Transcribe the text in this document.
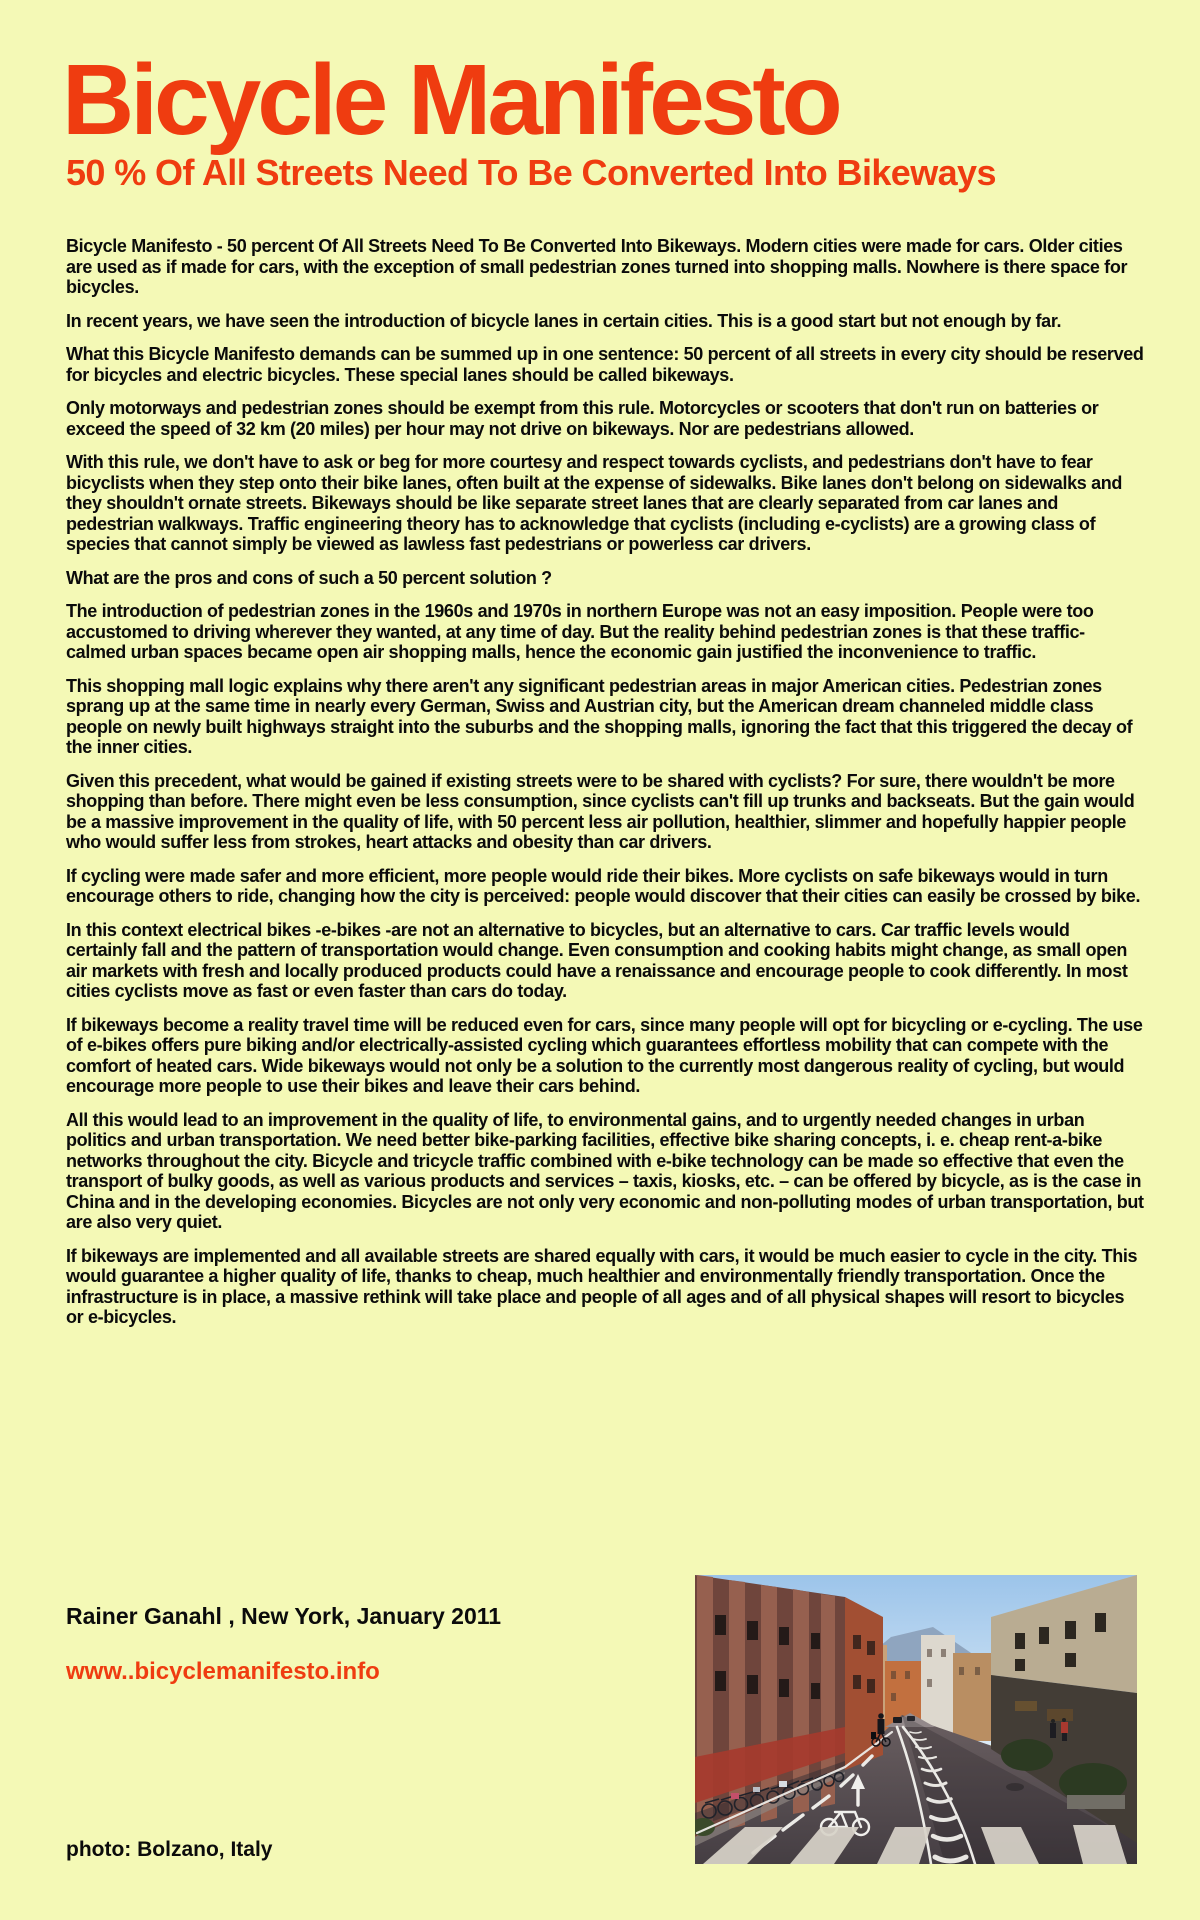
Bicycle Manifesto
50 % Of All Streets Need To Be Converted Into Bikeways

Bicycle Manifesto - 50 percent Of All Streets Need To Be Converted Into Bikeways. Modern cities were made for cars. Older cities are used as if made for cars, with the exception of small pedestrian zones turned into shopping malls. Nowhere is there space for bicycles.

In recent years, we have seen the introduction of bicycle lanes in certain cities. This is a good start but not enough by far.

What this Bicycle Manifesto demands can be summed up in one sentence: 50 percent of all streets in every city should be reserved for bicycles and electric bicycles. These special lanes should be called bikeways.

Only motorways and pedestrian zones should be exempt from this rule. Motorcycles or scooters that don't run on batteries or exceed the speed of 32 km (20 miles) per hour may not drive on bikeways. Nor are pedestrians allowed.

With this rule, we don't have to ask or beg for more courtesy and respect towards cyclists, and pedestrians don't have to fear bicyclists when they step onto their bike lanes, often built at the expense of sidewalks. Bike lanes don't belong on sidewalks and they shouldn't ornate streets. Bikeways should be like separate street lanes that are clearly separated from car lanes and pedestrian walkways. Traffic engineering theory has to acknowledge that cyclists (including e-cyclists) are a growing class of species that cannot simply be viewed as lawless fast pedestrians or powerless car drivers.

What are the pros and cons of such a 50 percent solution ?

The introduction of pedestrian zones in the 1960s and 1970s in northern Europe was not an easy imposition. People were too accustomed to driving wherever they wanted, at any time of day. But the reality behind pedestrian zones is that these traffic-calmed urban spaces became open air shopping malls, hence the economic gain justified the inconvenience to traffic.

This shopping mall logic explains why there aren't any significant pedestrian areas in major American cities. Pedestrian zones sprang up at the same time in nearly every German, Swiss and Austrian city, but the American dream channeled middle class people on newly built highways straight into the suburbs and the shopping malls, ignoring the fact that this triggered the decay of the inner cities.

Given this precedent, what would be gained if existing streets were to be shared with cyclists? For sure, there wouldn't be more shopping than before. There might even be less consumption, since cyclists can't fill up trunks and backseats. But the gain would be a massive improvement in the quality of life, with 50 percent less air pollution, healthier, slimmer and hopefully happier people who would suffer less from strokes, heart attacks and obesity than car drivers.

If cycling were made safer and more efficient, more people would ride their bikes. More cyclists on safe bikeways would in turn encourage others to ride, changing how the city is perceived: people would discover that their cities can easily be crossed by bike.

In this context electrical bikes -e-bikes -are not an alternative to bicycles, but an alternative to cars. Car traffic levels would certainly fall and the pattern of transportation would change. Even consumption and cooking habits might change, as small open air markets with fresh and locally produced products could have a renaissance and encourage people to cook differently. In most cities cyclists move as fast or even faster than cars do today.

If bikeways become a reality travel time will be reduced even for cars, since many people will opt for bicycling or e-cycling. The use of e-bikes offers pure biking and/or electrically-assisted cycling which guarantees effortless mobility that can compete with the comfort of heated cars. Wide bikeways would not only be a solution to the currently most dangerous reality of cycling, but would encourage more people to use their bikes and leave their cars behind.

All this would lead to an improvement in the quality of life, to environmental gains, and to urgently needed changes in urban politics and urban transportation. We need better bike-parking facilities, effective bike sharing concepts, i. e. cheap rent-a-bike networks throughout the city. Bicycle and tricycle traffic combined with e-bike technology can be made so effective that even the transport of bulky goods, as well as various products and services – taxis, kiosks, etc. – can be offered by bicycle, as is the case in China and in the developing economies. Bicycles are not only very economic and non-polluting modes of urban transportation, but are also very quiet.

If bikeways are implemented and all available streets are shared equally with cars, it would be much easier to cycle in the city. This would guarantee a higher quality of life, thanks to cheap, much healthier and environmentally friendly transportation. Once the infrastructure is in place, a massive rethink will take place and people of all ages and of all physical shapes will resort to bicycles or e-bicycles.

Rainer Ganahl , New York, January 2011
www..bicyclemanifesto.info
photo: Bolzano, Italy
